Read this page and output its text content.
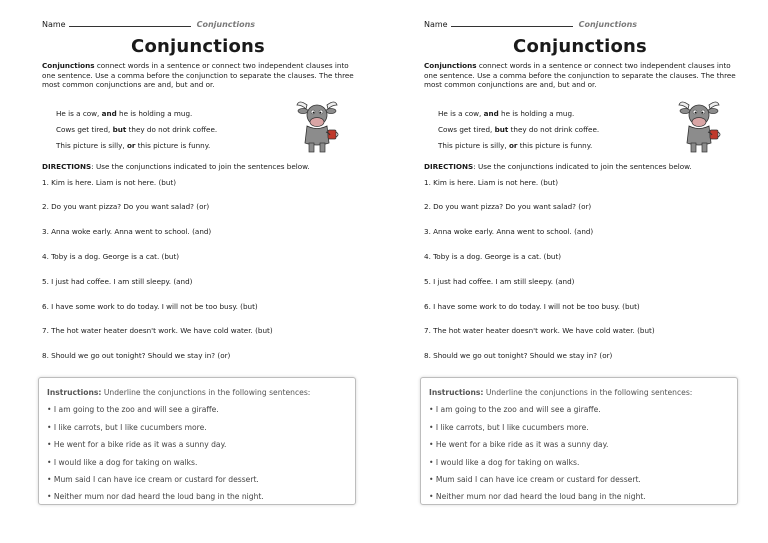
Name	Conjunctions
Conjunctions

Conjunctions connect words in a sentence or connect two independent clauses into one sentence. Use a comma before the conjunction to separate the clauses. The three most common conjunctions are and, but and or.

He is a cow, and he is holding a mug.

Cows get tired, but they do not drink coffee.

This picture is silly, or this picture is funny.

DIRECTIONS: Use the conjunctions indicated to join the sentences below.

1. Kim is here. Liam is not here. (but)

2. Do you want pizza? Do you want salad? (or)

3. Anna woke early. Anna went to school. (and)

4. Toby is a dog. George is a cat. (but)

5. I just had coffee. I am still sleepy. (and)

6. I have some work to do today. I will not be too busy. (but)

7. The hot water heater doesn't work. We have cold water. (but)

8. Should we go out tonight? Should we stay in? (or)

Instructions: Underline the conjunctions in the following sentences:

• I am going to the zoo and will see a giraffe.

• I like carrots, but I like cucumbers more.

• He went for a bike ride as it was a sunny day.

• I would like a dog for taking on walks.

• Mum said I can have ice cream or custard for dessert.

• Neither mum nor dad heard the loud bang in the night.

Name	Conjunctions
Conjunctions

Conjunctions connect words in a sentence or connect two independent clauses into one sentence. Use a comma before the conjunction to separate the clauses. The three most common conjunctions are and, but and or.

He is a cow, and he is holding a mug.

Cows get tired, but they do not drink coffee.

This picture is silly, or this picture is funny.

DIRECTIONS: Use the conjunctions indicated to join the sentences below.

1. Kim is here. Liam is not here. (but)

2. Do you want pizza? Do you want salad? (or)

3. Anna woke early. Anna went to school. (and)

4. Toby is a dog. George is a cat. (but)

5. I just had coffee. I am still sleepy. (and)

6. I have some work to do today. I will not be too busy. (but)

7. The hot water heater doesn't work. We have cold water. (but)

8. Should we go out tonight? Should we stay in? (or)

Instructions: Underline the conjunctions in the following sentences:

• I am going to the zoo and will see a giraffe.

• I like carrots, but I like cucumbers more.

• He went for a bike ride as it was a sunny day.

• I would like a dog for taking on walks.

• Mum said I can have ice cream or custard for dessert.

• Neither mum nor dad heard the loud bang in the night.
